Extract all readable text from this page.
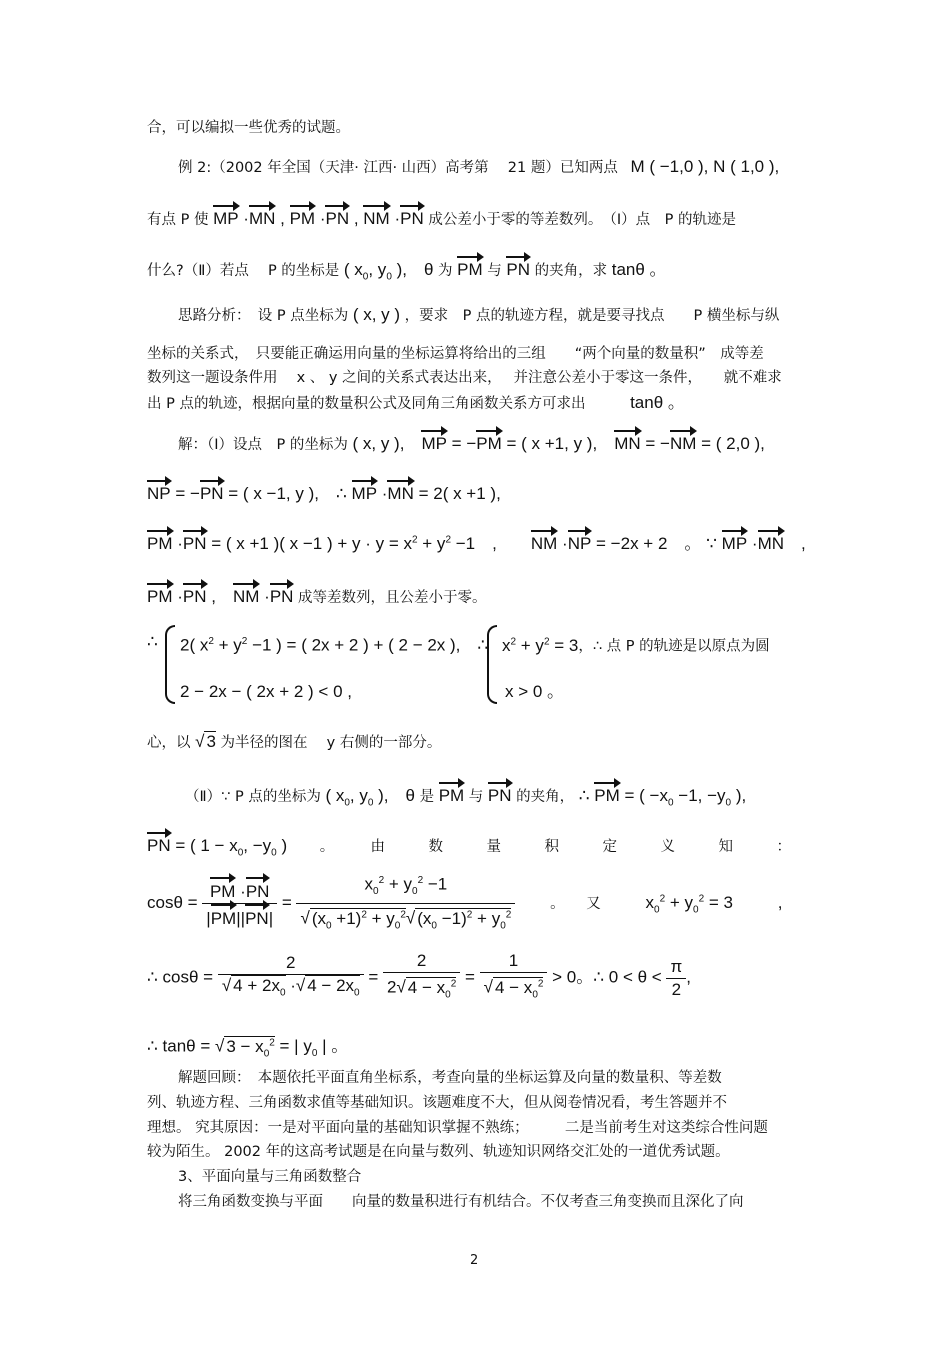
合，可以编拟一些优秀的试题。
例 2:（2002 年全国（天津· 江西· 山西）高考第　 21 题）已知两点 M ( −1,0 ), N ( 1,0 ),
有点 P 使 MP ·MN , PM ·PN , NM ·PN 成公差小于零的等差数列。　（Ⅰ）点　P 的轨迹是
什么?（Ⅱ）若点　 P 的坐标是 ( $x_0$, $y_0$ ),　θ 为 PM 与 PN 的夹角，求 tanθ 。
思路分析：　设 P 点坐标为 ( x, y ) ，要求　P 点的轨迹方程，就是要寻找点　　P 横坐标与纵
坐标的关系式，　只要能正确运用向量的坐标运算将给出的三组　　“两个向量的数量积”　成等差
数列这一题设条件用　 x 、 y 之间的关系式表达出来，　 并注意公差小于零这一条件，　　就不难求
出 P 点的轨迹，根据向量的数量积公式及同角三角函数关系方可求出	tanθ 。
解：（Ⅰ）设点　P 的坐标为 ( x, y ),　MP = −PM = ( x +1, y ),　MN = −NM = ( 2,0 ),
NP = −PN = ( x −1, y ),　∴ MP ·MN = 2( x +1 ),
PM ·PN = ( x +1 )( x −1 ) + $y \cdot y = x^2 + y^2 -1$　,　　NM ·NP = −2x + 2　。 ∵ MP ·MN　,
PM ·PN ,　NM ·PN 成等差数列，且公差小于零。
∴ 2( $x^2 + y^2 -1$ ) = ( 2x + 2 ) + ( 2 − 2x ),　∴
2 − 2x − ( 2x + 2 ) < 0 ,
$x^2 + y^2 = 3$，∴ 点 P 的轨迹是以原点为圆
x > 0 。
心，以 √ 3 为半径的图在　 y 右侧的一部分。
（Ⅱ）∵ P 点的坐标为 ( $x_0$, $y_0$ ),　θ 是 PM 与 PN 的夹角， ∴ PM = ( $-x_0 -1$, $-y_0$ ),
PN = ( $1 - x_0$, $-y_0$ ) 。　　　由　　　数　　　量　　　积　　　定　　　义　　　知　　　：
$\cos\theta = \frac{PM \cdot PN}{|PM||PN|} = \frac{x_0^2 + y_0^2 -1}{√ (x_0 +1)^2 + y_0^2√ (x_0 -1)^2 + y_0^2}$ 。　　又	$x_0^2 + y_0^2 = 3$	,
∴ $\cos\theta = \frac{2}{√ 4 + 2x_0 \cdot√ 4 - 2x_0} = \frac{2}{2√ 4 - x_0^2} = \frac{1}{√ 4 - x_0^2} > 0$。∴ $0 < \theta < \frac{\pi}{2}$ ,
∴ tanθ = √ $3 - x_0^2$ = | $y_0$ | 。
解题回顾：　本题依托平面直角坐标系，考查向量的坐标运算及向量的数量积、等差数
列、轨迹方程、三角函数求值等基础知识。该题难度不大，但从阅卷情况看，考生答题并不
理想。 究其原因：一是对平面向量的基础知识掌握不熟练；　　　二是当前考生对这类综合性问题
较为陌生。 2002 年的这高考试题是在向量与数列、轨迹知识网络交汇处的一道优秀试题。
3、平面向量与三角函数整合
将三角函数变换与平面　　向量的数量积进行有机结合。不仅考查三角变换而且深化了向
2
